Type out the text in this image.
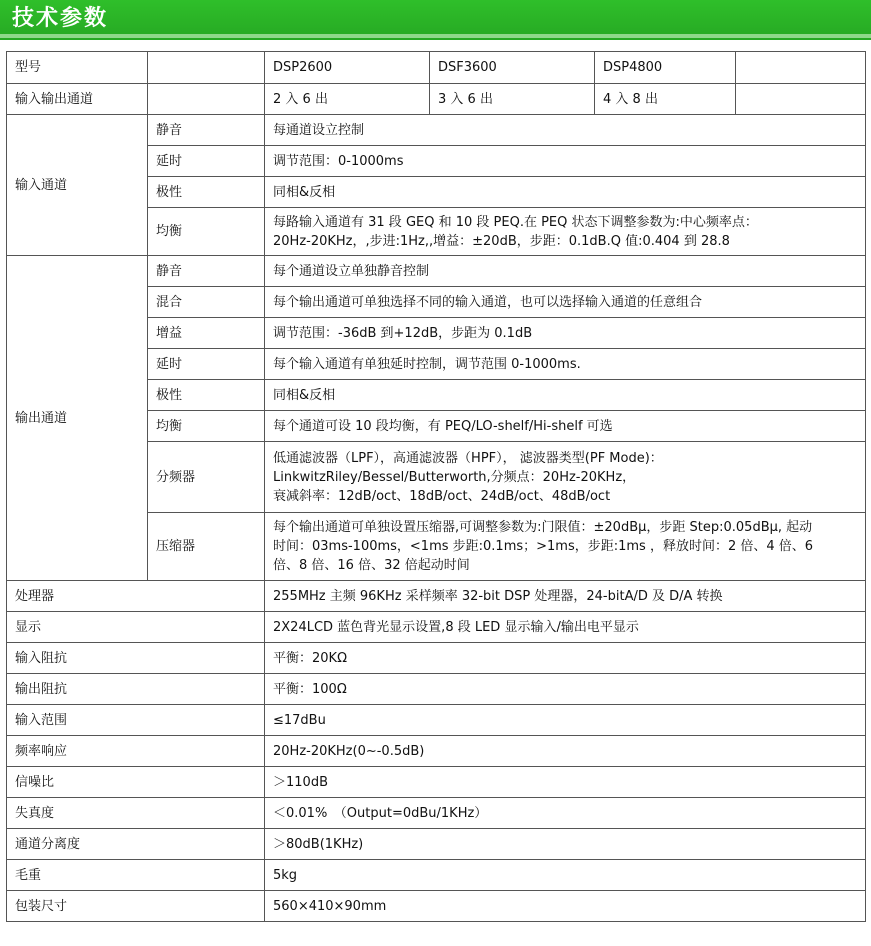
技术参数
型号		DSP2600	DSF3600	DSP4800	
输入输出通道		2 入 6 出	3 入 6 出	4 入 8 出	
输入通道	静音	每通道设立控制			
	延时	调节范围：0-1000ms			
	极性	同相&反相			
	均衡	每路输入通道有 31 段 GEQ 和 10 段 PEQ.在 PEQ 状态下调整参数为:中心频率点：
20Hz-20KHz，,步进:1Hz,,增益：±20dB，步距：0.1dB.Q 值:0.404 到 28.8			

输出通道	静音	每个通道设立单独静音控制			
	混合	每个输出通道可单独选择不同的输入通道，也可以选择输入通道的任意组合			
	增益	调节范围：-36dB 到+12dB，步距为 0.1dB			
	延时	每个输入通道有单独延时控制，调节范围 0-1000ms.			
	极性	同相&反相			
	均衡	每个通道可设 10 段均衡，有 PEQ/LO-shelf/Hi-shelf 可选			
	分频器	低通滤波器（LPF），高通滤波器（HPF）， 滤波器类型(PF Mode)：
LinkwitzRiley/Bessel/Butterworth,分频点：20Hz-20KHz，
衰减斜率：12dB/oct、18dB/oct、24dB/oct、48dB/oct			

	压缩器	每个输出通道可单独设置压缩器,可调整参数为:门限值：±20dBμ，步距 Step:0.05dBμ, 起动
时间：03ms-100ms，<1ms 步距:0.1ms；>1ms，步距:1ms ，释放时间：2 倍、4 倍、6
倍、8 倍、16 倍、32 倍起动时间			

处理器		255MHz 主频 96KHz 采样频率 32-bit DSP 处理器，24-bitA/D 及 D/A 转换			
显示		2X24LCD 蓝色背光显示设置,8 段 LED 显示输入/输出电平显示			
输入阻抗		平衡：20KΩ			
输出阻抗		平衡：100Ω			
输入范围		≤17dBu			
频率响应		20Hz-20KHz(0~-0.5dB)			
信噪比		＞110dB			
失真度		＜0.01%　（Output=0dBu/1KHz）			
通道分离度		＞80dB(1KHz)			
毛重		5kg			
包装尺寸		560×410×90mm			
